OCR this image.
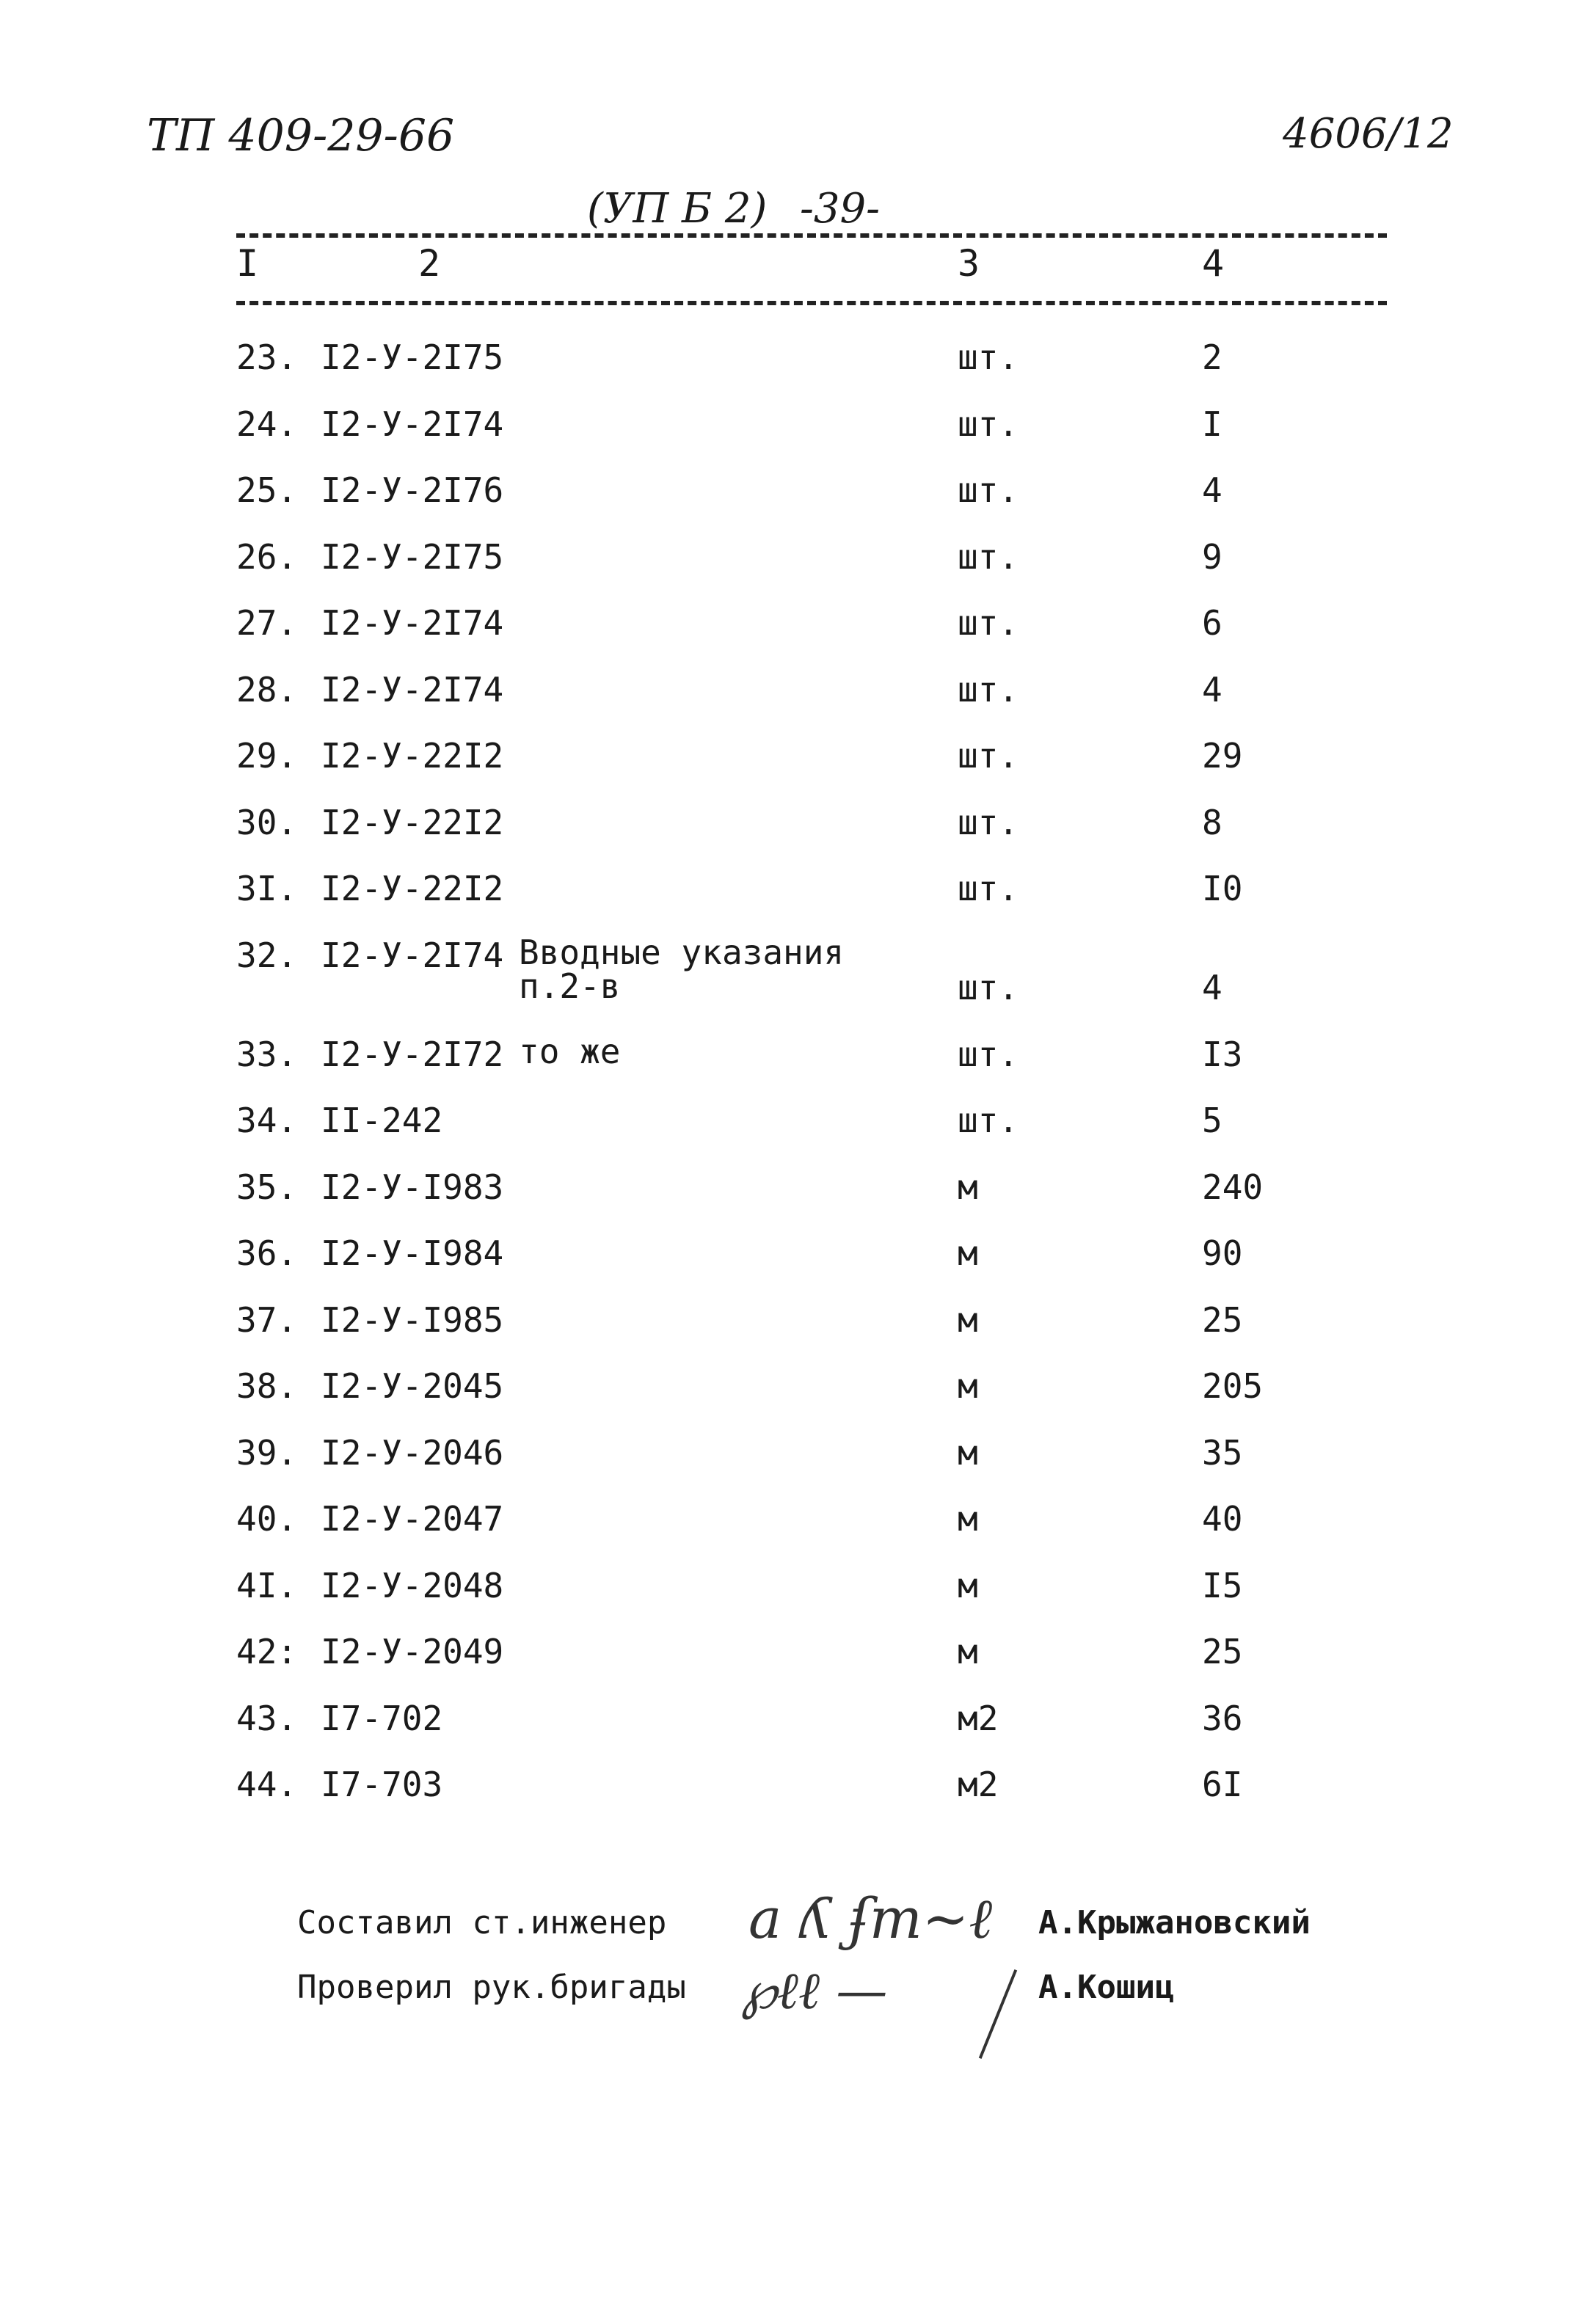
ТП 409-29-66	4606/12
(УП Б 2) -39-
I	2	3	4
23. I2-У-2I75	шт.	2
24. I2-У-2I74	шт.	I
25. I2-У-2I76	шт.	4
26. I2-У-2I75	шт.	9
27. I2-У-2I74	шт.	6
28. I2-У-2I74	шт.	4
29. I2-У-22I2	шт.	29
30. I2-У-22I2	шт.	8
3I. I2-У-22I2	шт.	I0
32. I2-У-2I74 Вводные указания
п.2-в	шт.	4
33. I2-У-2I72 то же	шт.	I3
34. II-242	шт.	5
35. I2-У-I983	м	240
36. I2-У-I984	м	90
37. I2-У-I985	м	25
38. I2-У-2045	м	205
39. I2-У-2046	м	35
40. I2-У-2047	м	40
4I. I2-У-2048	м	I5
42: I2-У-2049	м	25
43. I7-702	м2	36
44. I7-703	м2	6I
a ʎ ʄm~ℓ
℘ℓℓ —
Составил ст.инженер	А.Крыжановский
Проверил рук.бригады	А.Кошиц
